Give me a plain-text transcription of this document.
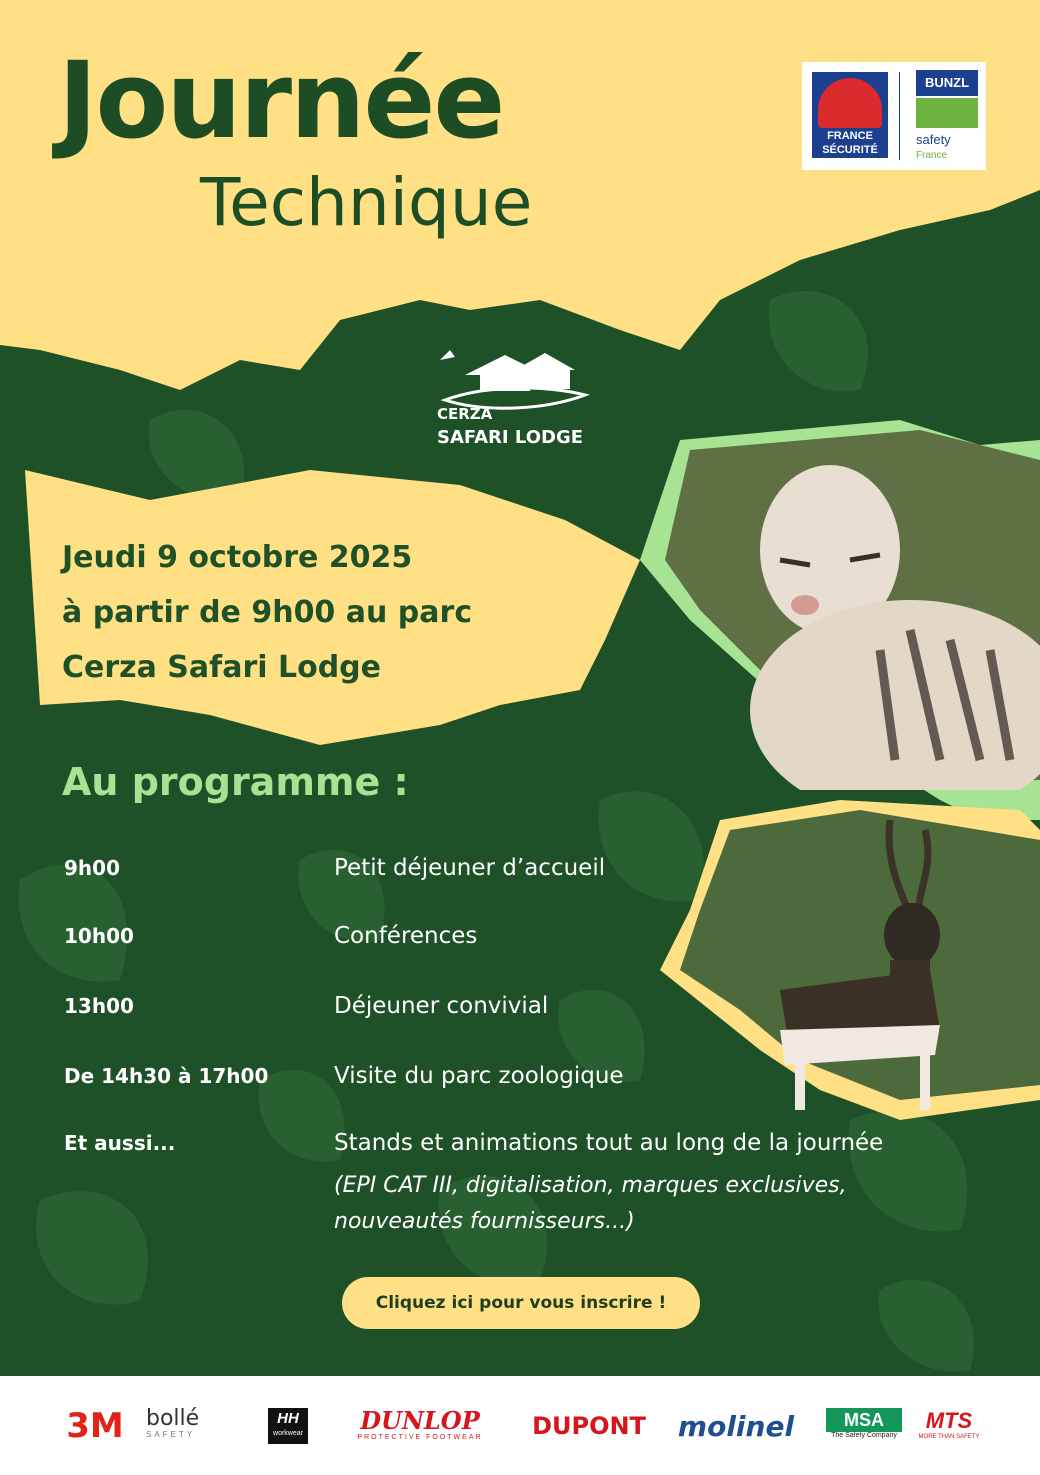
Journée
Technique
FRANCE
SÉCURITÉ
BUNZL
safety
France
CERZA
SAFARI LODGE
Jeudi 9 octobre 2025
à partir de 9h00 au parc
Cerza Safari Lodge
Au programme :
9h00	Petit déjeuner d’accueil
10h00	Conférences
13h00	Déjeuner convivial
De 14h30 à 17h00	Visite du parc zoologique
Et aussi...	Stands et animations tout au long de la journée
(EPI CAT III, digitalisation, marques exclusives,
nouveautés fournisseurs...)
Cliquez ici pour vous inscrire !
3M bollé
SAFETY
HH
workwear	DUNLOP
PROTECTIVE FOOTWEAR	DUPONT	molinel	MSA
The Safety Company
MTS
MORE THAN SAFETY
